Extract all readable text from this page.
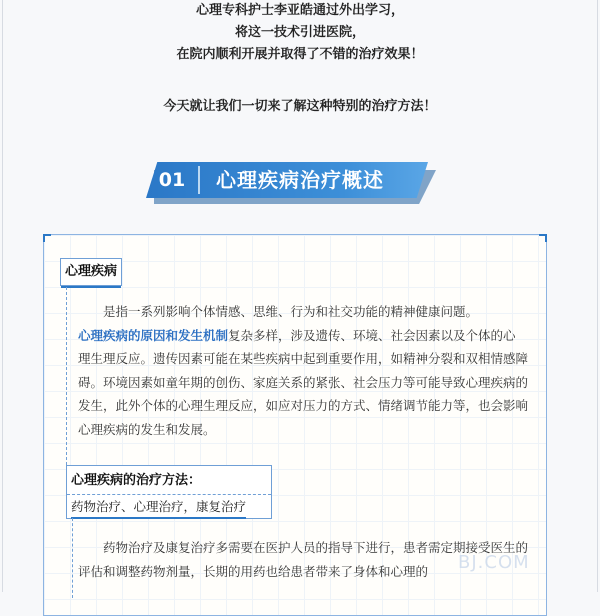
心理专科护士李亚皓通过外出学习，
将这一技术引进医院，
在院内顺利开展并取得了不错的治疗效果！
今天就让我们一切来了解这种特别的治疗方法！
01	心理疾病治疗概述
心理疾病
是指一系列影响个体情感、思维、行为和社交功能的精神健康问题。
心理疾病的原因和发生机制复杂多样，涉及遗传、环境、社会因素以及个体的心理生理反应。遗传因素可能在某些疾病中起到重要作用，如精神分裂和双相情感障碍。环境因素如童年期的创伤、家庭关系的紧张、社会压力等可能导致心理疾病的发生，此外个体的心理生理反应，如应对压力的方式、情绪调节能力等，也会影响心理疾病的发生和发展。
心理疾病的治疗方法：
药物治疗、心理治疗，康复治疗
药物治疗及康复治疗多需要在医护人员的指导下进行，患者需定期接受医生的评估和调整药物剂量，长期的用药也给患者带来了身体和心理的	BJ.COM
